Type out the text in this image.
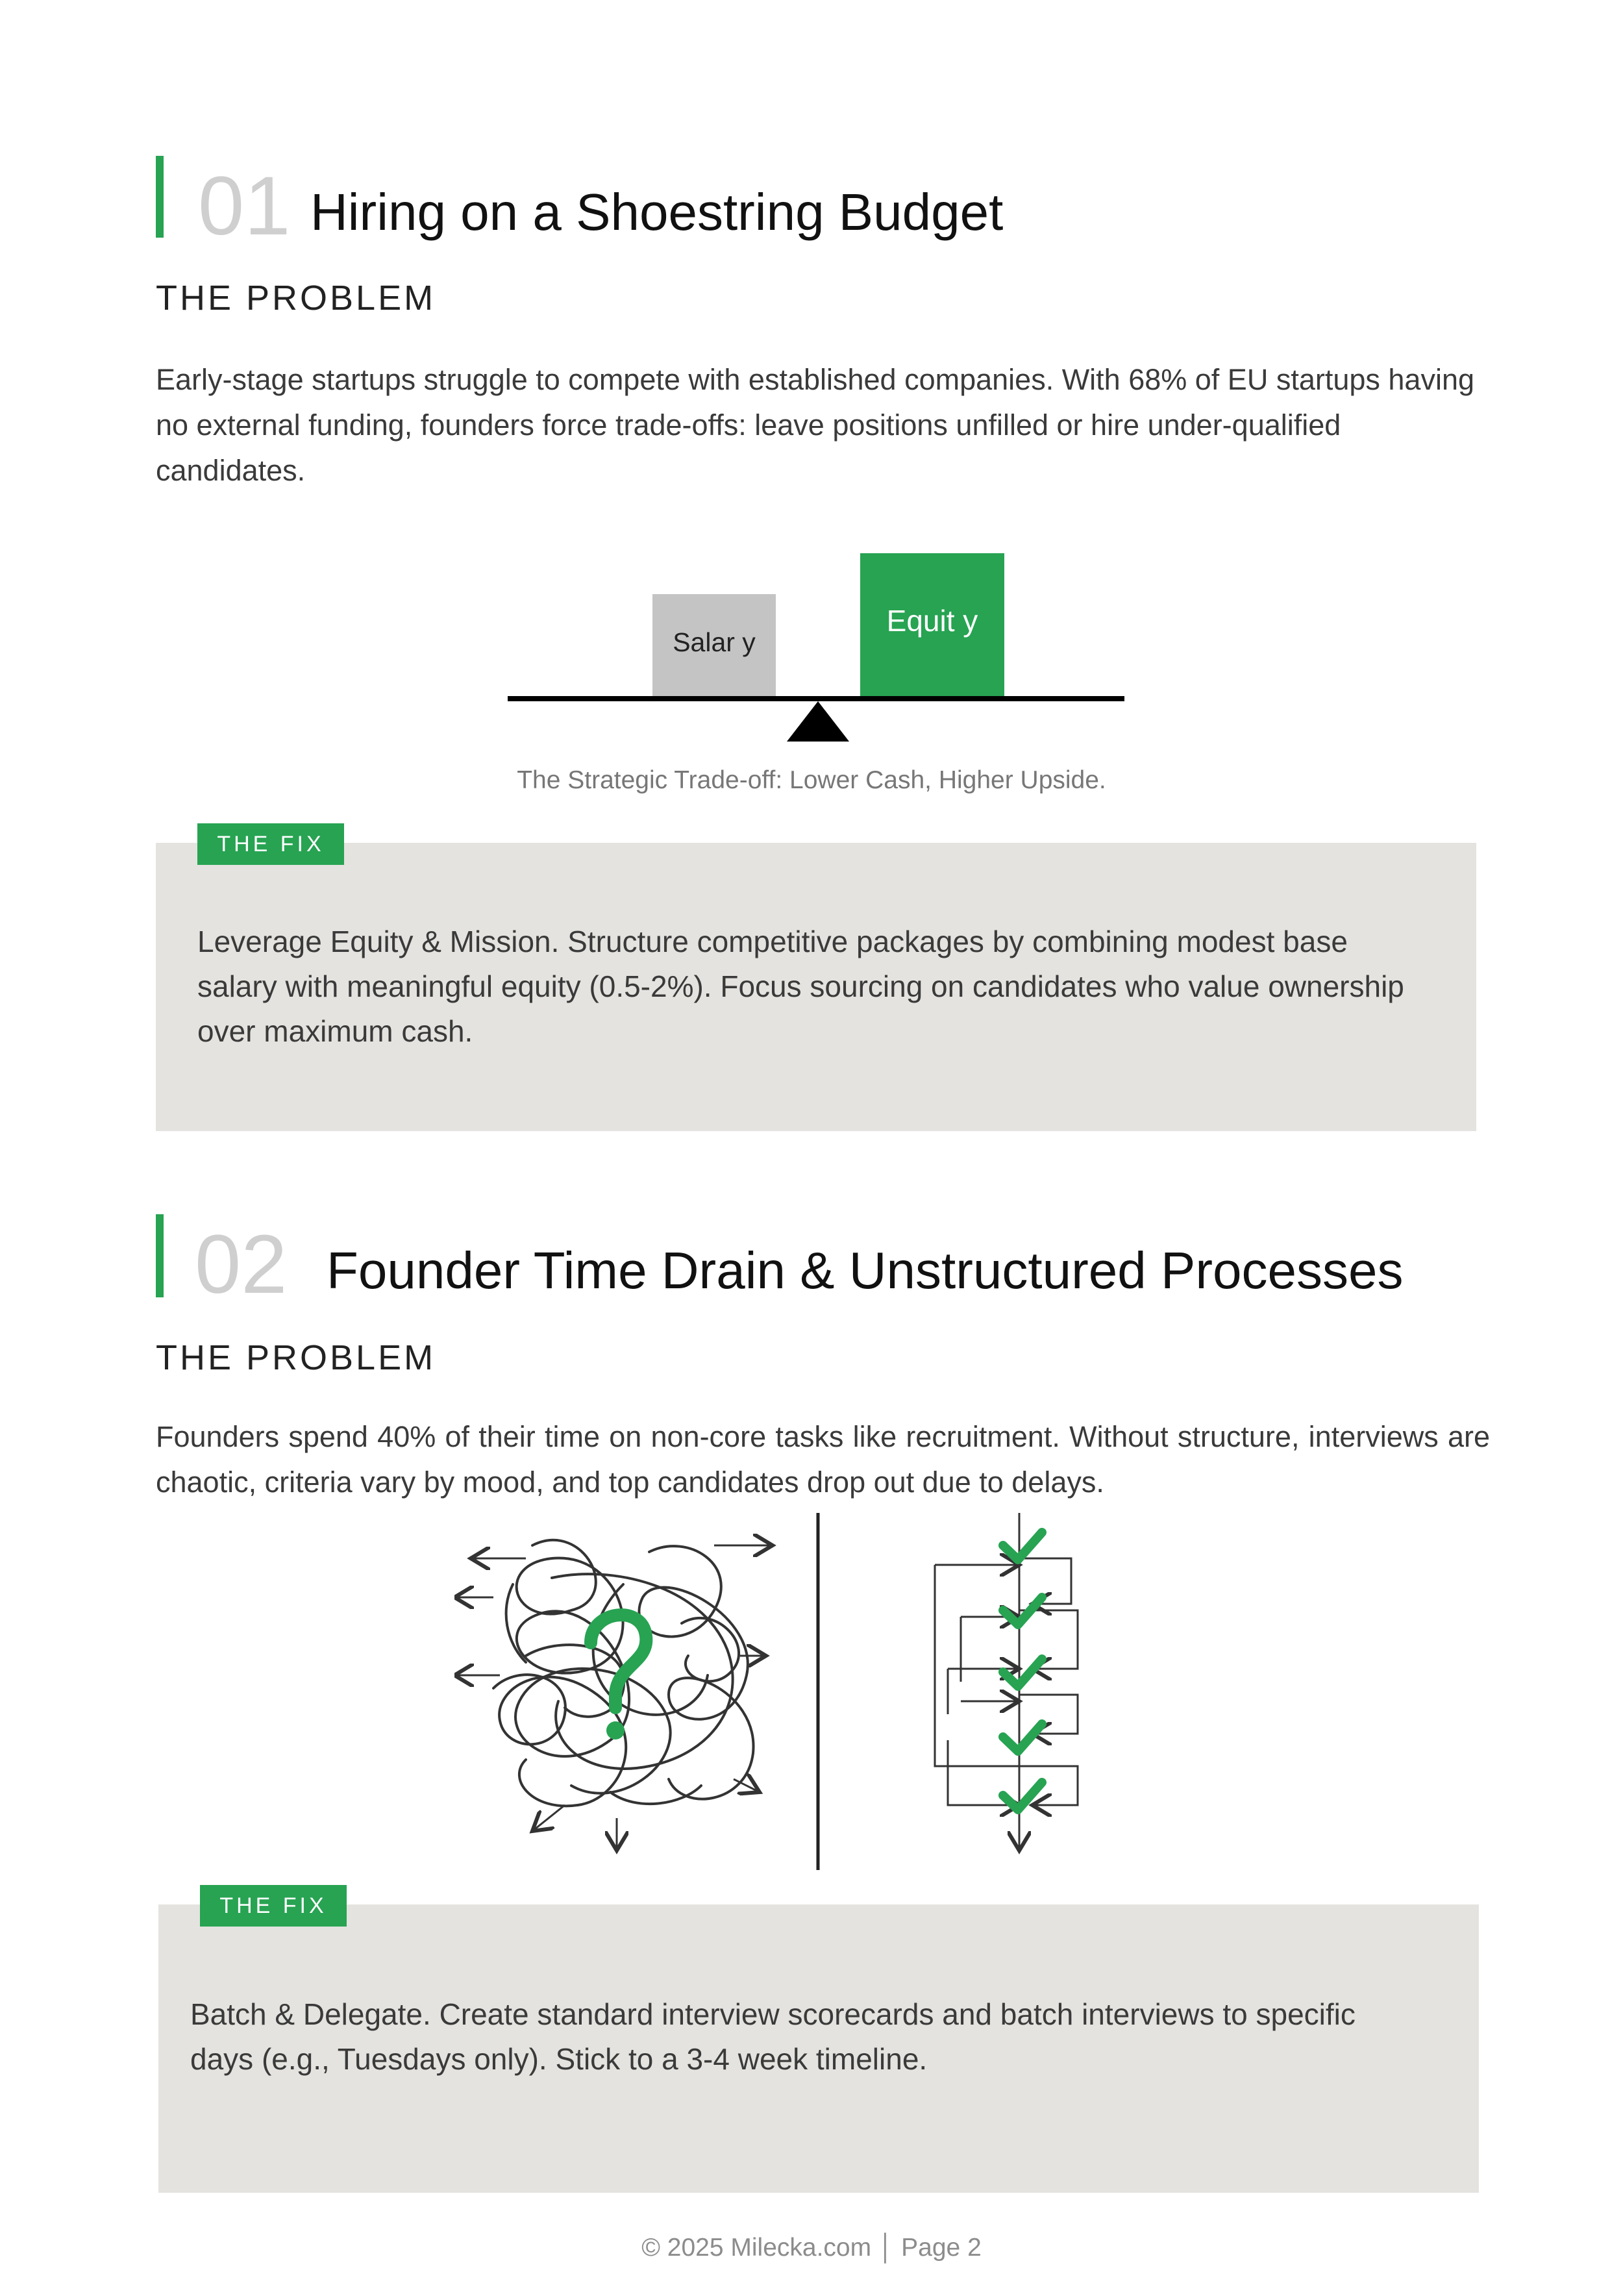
01 Hiring on a Shoestring Budget
THE PROBLEM
Early-stage startups struggle to compete with established companies. With 68% of EU startups having no external funding, founders force trade-offs: leave positions unfilled or hire under-qualified candidates.
Salar y
Equit y
The Strategic Trade-off: Lower Cash, Higher Upside.
THE FIX
Leverage Equity & Mission. Structure competitive packages by combining modest base salary with meaningful equity (0.5-2%). Focus sourcing on candidates who value ownership over maximum cash.
02 Founder Time Drain & Unstructured Processes
THE PROBLEM
Founders spend 40% of their time on non-core tasks like recruitment. Without structure, interviews are chaotic, criteria vary by mood, and top candidates drop out due to delays.
THE FIX
Batch & Delegate. Create standard interview scorecards and batch interviews to specific days (e.g., Tuesdays only). Stick to a 3-4 week timeline.
© 2025 Milecka.com │ Page 2
